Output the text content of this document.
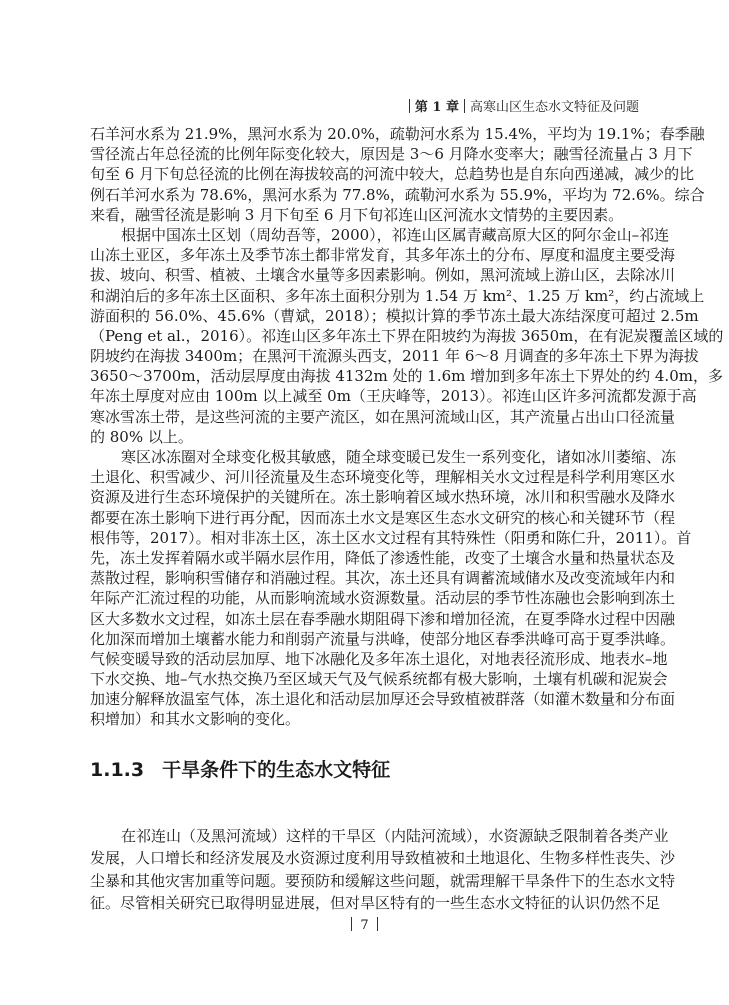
第 1 章 高寒山区生态水文特征及问题
石羊河水系为 21.9%，黑河水系为 20.0%，疏勒河水系为 15.4%，平均为 19.1%；春季融
雪径流占年总径流的比例年际变化较大，原因是 3～6 月降水变率大；融雪径流量占 3 月下
旬至 6 月下旬总径流的比例在海拔较高的河流中较大，总趋势也是自东向西递减，减少的比
例石羊河水系为 78.6%，黑河水系为 77.8%，疏勒河水系为 55.9%，平均为 72.6%。综合
来看，融雪径流是影响 3 月下旬至 6 月下旬祁连山区河流水文情势的主要因素。
根据中国冻土区划（周幼吾等，2000），祁连山区属青藏高原大区的阿尔金山–祁连
山冻土亚区，多年冻土及季节冻土都非常发育，其多年冻土的分布、厚度和温度主要受海
拔、坡向、积雪、植被、土壤含水量等多因素影响。例如，黑河流域上游山区，去除冰川
和湖泊后的多年冻土区面积、多年冻土面积分别为 1.54 万 km²、1.25 万 km²，约占流域上
游面积的 56.0%、45.6%（曹斌，2018）；模拟计算的季节冻土最大冻结深度可超过 2.5m
（Peng et al.，2016）。祁连山区多年冻土下界在阳坡约为海拔 3650m，在有泥炭覆盖区域的
阴坡约在海拔 3400m；在黑河干流源头西支，2011 年 6～8 月调查的多年冻土下界为海拔
3650～3700m，活动层厚度由海拔 4132m 处的 1.6m 增加到多年冻土下界处的约 4.0m，多
年冻土厚度对应由 100m 以上减至 0m（王庆峰等，2013）。祁连山区许多河流都发源于高
寒冰雪冻土带，是这些河流的主要产流区，如在黑河流域山区，其产流量占出山口径流量
的 80% 以上。
寒区冰冻圈对全球变化极其敏感，随全球变暖已发生一系列变化，诸如冰川萎缩、冻
土退化、积雪减少、河川径流量及生态环境变化等，理解相关水文过程是科学利用寒区水
资源及进行生态环境保护的关键所在。冻土影响着区域水热环境，冰川和积雪融水及降水
都要在冻土影响下进行再分配，因而冻土水文是寒区生态水文研究的核心和关键环节（程
根伟等，2017）。相对非冻土区，冻土区水文过程有其特殊性（阳勇和陈仁升，2011）。首
先，冻土发挥着隔水或半隔水层作用，降低了渗透性能，改变了土壤含水量和热量状态及
蒸散过程，影响积雪储存和消融过程。其次，冻土还具有调蓄流域储水及改变流域年内和
年际产汇流过程的功能，从而影响流域水资源数量。活动层的季节性冻融也会影响到冻土
区大多数水文过程，如冻土层在春季融水期阻碍下渗和增加径流，在夏季降水过程中因融
化加深而增加土壤蓄水能力和削弱产流量与洪峰，使部分地区春季洪峰可高于夏季洪峰。
气候变暖导致的活动层加厚、地下冰融化及多年冻土退化，对地表径流形成、地表水–地
下水交换、地–气水热交换乃至区域天气及气候系统都有极大影响，土壤有机碳和泥炭会
加速分解释放温室气体，冻土退化和活动层加厚还会导致植被群落（如灌木数量和分布面
积增加）和其水文影响的变化。
1.1.3 干旱条件下的生态水文特征
在祁连山（及黑河流域）这样的干旱区（内陆河流域），水资源缺乏限制着各类产业
发展，人口增长和经济发展及水资源过度利用导致植被和土地退化、生物多样性丧失、沙
尘暴和其他灾害加重等问题。要预防和缓解这些问题，就需理解干旱条件下的生态水文特
征。尽管相关研究已取得明显进展，但对旱区特有的一些生态水文特征的认识仍然不足
7
